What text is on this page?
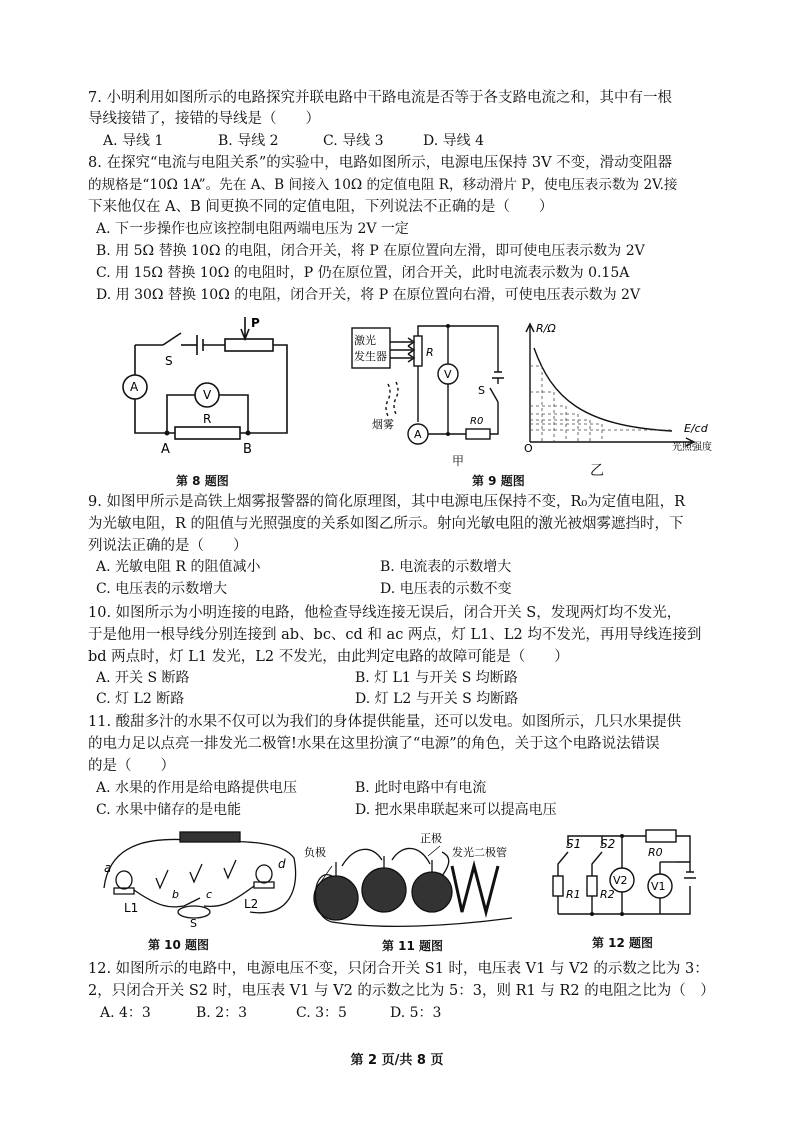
7. 小明利用如图所示的电路探究并联电路中干路电流是否等于各支路电流之和，其中有一根
导线接错了，接错的导线是（　　）
A. 导线 1	B. 导线 2	C. 导线 3	D. 导线 4
8. 在探究“电流与电阻关系”的实验中，电路如图所示，电源电压保持 3V 不变，滑动变阻器
的规格是“10Ω 1A”。先在 A、B 间接入 10Ω 的定值电阻 R，移动滑片 P，使电压表示数为 2V.接
下来他仅在 A、B 间更换不同的定值电阻，下列说法不正确的是（　　）
A. 下一步操作也应该控制电阻两端电压为 2V 一定
B. 用 5Ω 替换 10Ω 的电阻，闭合开关，将 P 在原位置向左滑，即可使电压表示数为 2V
C. 用 15Ω 替换 10Ω 的电阻时，P 仍在原位置，闭合开关，此时电流表示数为 0.15A
D. 用 30Ω 替换 10Ω 的电阻，闭合开关，将 P 在原位置向右滑，可使电压表示数为 2V
S
P
A
V
R
A	B
第 8 题图
激光
发生器	R
V
S
A
R0
烟雾
R/Ω
E/cd
O	光照强度
甲
乙
第 9 题图
9. 如图甲所示是高铁上烟雾报警器的简化原理图，其中电源电压保持不变，R₀为定值电阻，R
为光敏电阻，R 的阻值与光照强度的关系如图乙所示。射向光敏电阻的激光被烟雾遮挡时，下
列说法正确的是（　　）
A. 光敏电阻 R 的阻值减小	B. 电流表的示数增大
C. 电压表的示数增大	D. 电压表的示数不变
10. 如图所示为小明连接的电路，他检查导线连接无误后，闭合开关 S，发现两灯均不发光，
于是他用一根导线分别连接到 ab、bc、cd 和 ac 两点，灯 L1、L2 均不发光，再用导线连接到
bd 两点时，灯 L1 发光，L2 不发光，由此判定电路的故障可能是（　　）
A. 开关 S 断路	B. 灯 L1 与开关 S 均断路
C. 灯 L2 断路	D. 灯 L2 与开关 S 均断路
11. 酸甜多汁的水果不仅可以为我们的身体提供能量，还可以发电。如图所示，几只水果提供
的电力足以点亮一排发光二极管!水果在这里扮演了“电源”的角色，关于这个电路说法错误
的是（　　）
A. 水果的作用是给电路提供电压	B. 此时电路中有电流
C. 水果中储存的是电能	D. 把水果串联起来可以提高电压
a
b c
d
L1	L2
S
第 10 题图
负极
正极
发光二极管
第 11 题图
S1 S2
R0
R1 R2
V2 V1
第 12 题图
12. 如图所示的电路中，电源电压不变，只闭合开关 S1 时，电压表 V1 与 V2 的示数之比为 3：
2，只闭合开关 S2 时，电压表 V1 与 V2 的示数之比为 5：3，则 R1 与 R2 的电阻之比为（　）
A. 4：3	B. 2：3	C. 3：5	D. 5：3
第 2 页/共 8 页
